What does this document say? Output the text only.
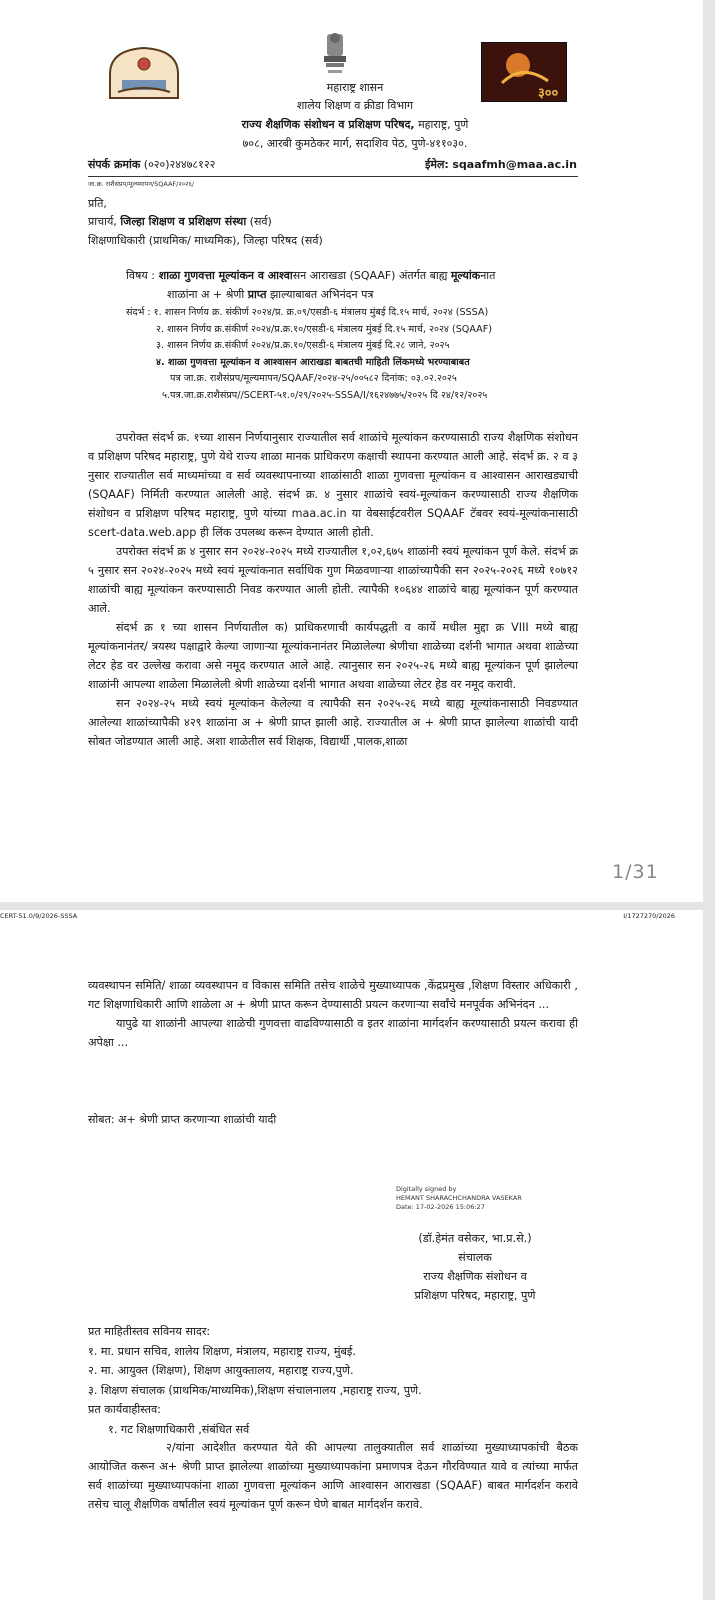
३००
महाराष्ट्र शासन
शालेय शिक्षण व क्रीडा विभाग
राज्य शैक्षणिक संशोधन व प्रशिक्षण परिषद, महाराष्ट्र, पुणे
७०८, आरबी कुमठेकर मार्ग, सदाशिव पेठ, पुणे-४११०३०.
संपर्क क्रमांक (०२०)२४४७८१२२	ईमेल: sqaafmh@maa.ac.in
जा.क्र. राशैसंप्रप/मूल्यमापन/SQAAF/२०२६/
प्रति,
प्राचार्य, जिल्हा शिक्षण व प्रशिक्षण संस्था (सर्व)
शिक्षणाधिकारी (प्राथमिक/ माध्यमिक), जिल्हा परिषद (सर्व)
विषय : शाळा गुणवत्ता मूल्यांकन व आश्वासन आराखडा (SQAAF) अंतर्गत बाह्य मूल्यांकनात
शाळांना अ + श्रेणी प्राप्त झाल्याबाबत अभिनंदन पत्र
संदर्भ : १. शासन निर्णय क्र. संकीर्ण २०२४/प्र. क्र.०९/एसडी-६ मंत्रालय मुंबई दि.१५ मार्च, २०२४ (SSSA)
२. शासन निर्णय क्र.संकीर्ण २०२४/प्र.क्र.१०/एसडी-६ मंत्रालय मुंबई दि.१५ मार्च, २०२४ (SQAAF)
३. शासन निर्णय क्र.संकीर्ण २०२४/प्र.क्र.१०/एसडी-६ मंत्रालय मुंबई दि.२८ जाने, २०२५
४. शाळा गुणवत्ता मूल्यांकन व आश्वासन आराखडा बाबतची माहिती लिंकमध्ये भरण्याबाबत
पत्र जा.क्र. राशैसंप्रप/मूल्यमापन/SQAAF/२०२४-२५/००५८२ दिनांक: ०३.०२.२०२५
५.पत्र.जा.क्र.राशैसंप्रप//SCERT-५१.०/२९/२०२५-SSSA/I/१६२४७७५/२०२५ दि २४/१२/२०२५

उपरोक्त संदर्भ क्र. १च्या शासन निर्णयानुसार राज्यातील सर्व शाळांचे मूल्यांकन करण्यासाठी राज्य शैक्षणिक संशोधन व प्रशिक्षण परिषद महाराष्ट्र, पुणे येथे राज्य शाळा मानक प्राधिकरण कक्षाची स्थापना करण्यात आली आहे. संदर्भ क्र. २ व ३ नुसार राज्यातील सर्व माध्यमांच्या व सर्व व्यवस्थापनाच्या शाळांसाठी शाळा गुणवत्ता मूल्यांकन व आश्वासन आराखड्याची (SQAAF) निर्मिती करण्यात आलेली आहे. संदर्भ क्र. ४ नुसार शाळांचे स्वयं-मूल्यांकन करण्यासाठी राज्य शैक्षणिक संशोधन व प्रशिक्षण परिषद महाराष्ट्र, पुणे यांच्या maa.ac.in या वेबसाईटवरील SQAAF टॅबवर स्वयं-मूल्यांकनासाठी scert-data.web.app ही लिंक उपलब्ध करून देण्यात आली होती.

उपरोक्त संदर्भ क्र ४ नुसार सन २०२४-२०२५ मध्ये राज्यातील १,०२,६७५ शाळांनी स्वयं मूल्यांकन पूर्ण केले. संदर्भ क्र ५ नुसार सन २०२४-२०२५ मध्ये स्वयं मूल्यांकनात सर्वाधिक गुण मिळवणाऱ्या शाळांच्यापैकी सन २०२५-२०२६ मध्ये १०७१२ शाळांची बाह्य मूल्यांकन करण्यासाठी निवड करण्यात आली होती. त्यापैकी १०६४४ शाळांचे बाह्य मूल्यांकन पूर्ण करण्यात आले.

संदर्भ क्र १ च्या शासन निर्णयातील क) प्राधिकरणाची कार्यपद्धती व कार्ये मधील मुद्दा क्र VIII मध्ये बाह्य मूल्यांकनानंतर/ त्रयस्थ पक्षाद्वारे केल्या जाणाऱ्या मूल्यांकनानंतर मिळालेल्या श्रेणीचा शाळेच्या दर्शनी भागात अथवा शाळेच्या लेटर हेड वर उल्लेख करावा असे नमूद करण्यात आले आहे. त्यानुसार सन २०२५-२६ मध्ये बाह्य मूल्यांकन पूर्ण झालेल्या शाळांनी आपल्या शाळेला मिळालेली श्रेणी शाळेच्या दर्शनी भागात अथवा शाळेच्या लेटर हेड वर नमूद करावी.

सन २०२४-२५ मध्ये स्वयं मूल्यांकन केलेल्या व त्यापैकी सन २०२५-२६ मध्ये बाह्य मूल्यांकनासाठी निवडण्यात आलेल्या शाळांच्यापैकी ४२९ शाळांना अ + श्रेणी प्राप्त झाली आहे. राज्यातील अ + श्रेणी प्राप्त झालेल्या शाळांची यादी सोबत जोडण्यात आली आहे. अशा शाळेतील सर्व शिक्षक, विद्यार्थी ,पालक,शाळा

1/31
CERT-51.0/9/2026-SSSA	I/1727270/2026

व्यवस्थापन समिति/ शाळा व्यवस्थापन व विकास समिति तसेच शाळेचे मुख्याध्यापक ,केंद्रप्रमुख ,शिक्षण विस्तार अधिकारी , गट शिक्षणाधिकारी आणि शाळेला अ + श्रेणी प्राप्त करून देण्यासाठी प्रयत्न करणाऱ्या सर्वांचे मनपूर्वक अभिनंदन ...

यापुढे या शाळांनी आपल्या शाळेची गुणवत्ता वाढविण्यासाठी व इतर शाळांना मार्गदर्शन करण्यासाठी प्रयत्न करावा ही अपेक्षा ...

सोबत: अ+ श्रेणी प्राप्त करणाऱ्या शाळांची यादी
Digitally signed by
HEMANT SHARACHCHANDRA VASEKAR
Date: 17-02-2026 15:06:27
(डॉ.हेमंत वसेकर, भा.प्र.से.)
संचालक
राज्य शैक्षणिक संशोधन व
प्रशिक्षण परिषद, महाराष्ट्र, पुणे
प्रत माहितीस्तव सविनय सादर:
१. मा. प्रधान सचिव, शालेय शिक्षण, मंत्रालय, महाराष्ट्र राज्य, मुंबई.
२. मा. आयुक्त (शिक्षण), शिक्षण आयुक्तालय, महाराष्ट्र राज्य,पुणे.
३. शिक्षण संचालक (प्राथमिक/माध्यमिक),शिक्षण संचालनालय ,महाराष्ट्र राज्य, पुणे.
प्रत कार्यवाहीस्तव:
१. गट शिक्षणाधिकारी ,संबंधित सर्व

२/यांना आदेशीत करण्यात येते की आपल्या तालुक्यातील सर्व शाळांच्या मुख्याध्यापकांची बैठक आयोजित करून अ+ श्रेणी प्राप्त झालेल्या शाळांच्या मुख्याध्यापकांना प्रमाणपत्र देऊन गौरविण्यात यावे व त्यांच्या मार्फत सर्व शाळांच्या मुख्याध्यापकांना शाळा गुणवत्ता मूल्यांकन आणि आश्वासन आराखडा (SQAAF) बाबत मार्गदर्शन करावे तसेच चालू शैक्षणिक वर्षातील स्वयं मूल्यांकन पूर्ण करून घेणे बाबत मार्गदर्शन करावे.
